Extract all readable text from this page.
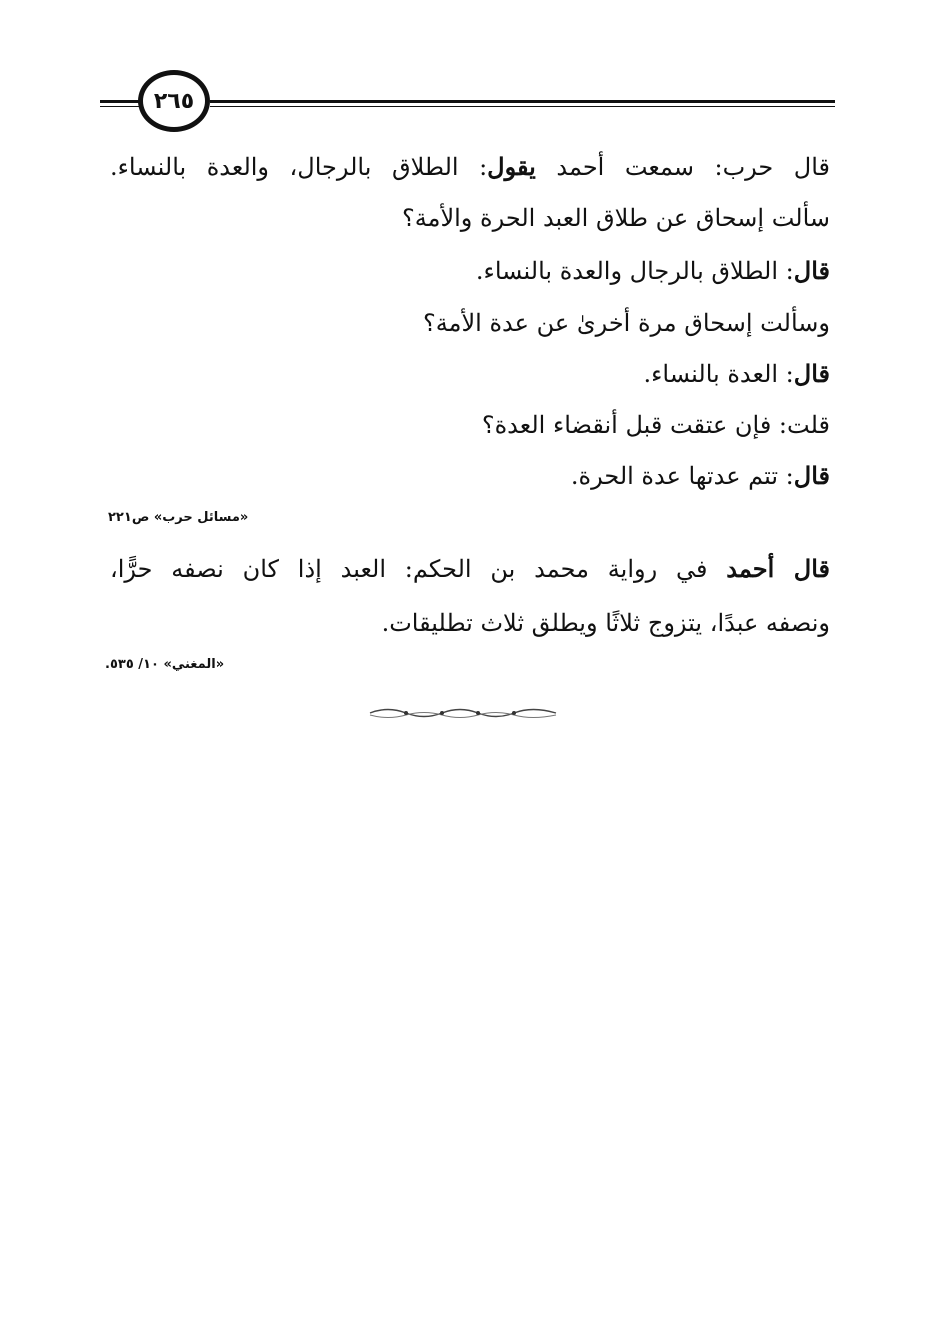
٢٦٥
قال حرب: سمعت أحمد يقول: الطلاق بالرجال، والعدة بالنساء.
سألت إسحاق عن طلاق العبد الحرة والأمة؟
قال: الطلاق بالرجال والعدة بالنساء.
وسألت إسحاق مرة أخرىٰ عن عدة الأمة؟
قال: العدة بالنساء.
قلت: فإن عتقت قبل أنقضاء العدة؟
قال: تتم عدتها عدة الحرة.
«مسائل حرب» ص٢٢١
قال أحمد في رواية محمد بن الحكم: العبد إذا كان نصفه حرًّا،
ونصفه عبدًا، يتزوج ثلاثًا ويطلق ثلاث تطليقات.
«المغني» ١٠/ ٥٣٥.
